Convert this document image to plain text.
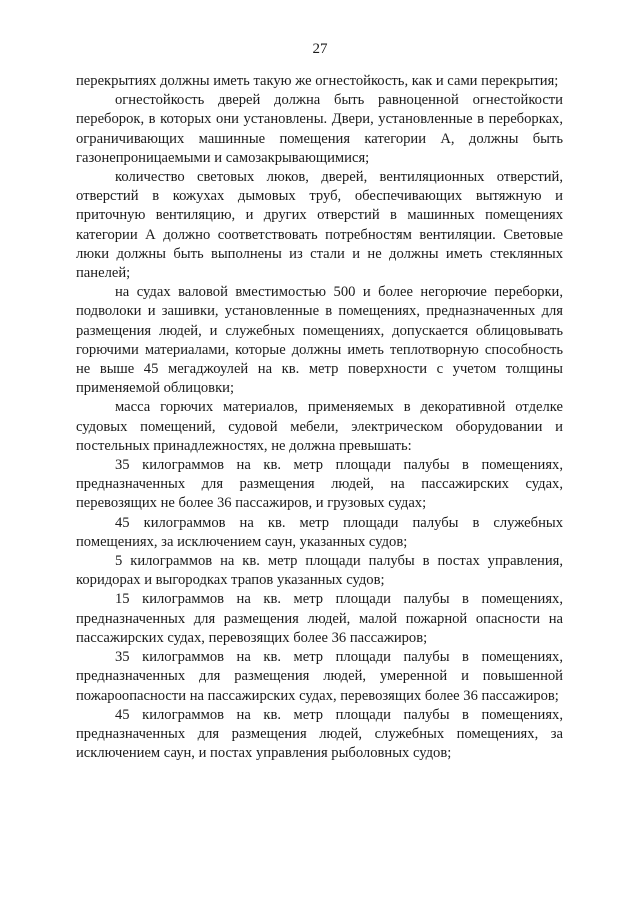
27

перекрытиях должны иметь такую же огнестойкость, как и сами перекрытия;

огнестойкость дверей должна быть равноценной огнестойкости переборок, в которых они установлены. Двери, установленные в переборках, ограничивающих машинные помещения категории А, должны быть газонепроницаемыми и самозакрывающимися;

количество световых люков, дверей, вентиляционных отверстий, отверстий в кожухах дымовых труб, обеспечивающих вытяжную и приточную вентиляцию, и других отверстий в машинных помещениях категории А должно соответствовать потребностям вентиляции. Световые люки должны быть выполнены из стали и не должны иметь стеклянных панелей;

на судах валовой вместимостью 500 и более негорючие переборки, подволоки и зашивки, установленные в помещениях, предназначенных для размещения людей, и служебных помещениях, допускается облицовывать горючими материалами, которые должны иметь теплотворную способность не выше 45 мегаджоулей на кв. метр поверхности с учетом толщины применяемой облицовки;

масса горючих материалов, применяемых в декоративной отделке судовых помещений, судовой мебели, электрическом оборудовании и постельных принадлежностях, не должна превышать:

35 килограммов на кв. метр площади палубы в помещениях, предназначенных для размещения людей, на пассажирских судах, перевозящих не более 36 пассажиров, и грузовых судах;

45 килограммов на кв. метр площади палубы в служебных помещениях, за исключением саун, указанных судов;

5 килограммов на кв. метр площади палубы в постах управления, коридорах и выгородках трапов указанных судов;

15 килограммов на кв. метр площади палубы в помещениях, предназначенных для размещения людей, малой пожарной опасности на пассажирских судах, перевозящих более 36 пассажиров;

35 килограммов на кв. метр площади палубы в помещениях, предназначенных для размещения людей, умеренной и повышенной пожароопасности на пассажирских судах, перевозящих более 36 пассажиров;

45 килограммов на кв. метр площади палубы в помещениях, предназначенных для размещения людей, служебных помещениях, за исключением саун, и постах управления рыболовных судов;
